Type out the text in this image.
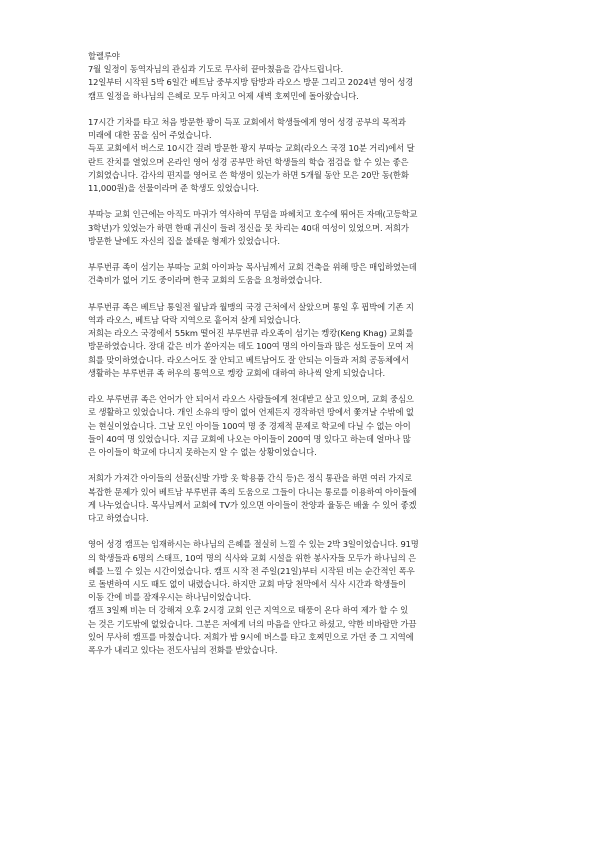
할렐루야
7월 일정이 동역자님의 관심과 기도로 무사히 끝마쳤음을 감사드립니다.
12일부터 시작된 5박 6일간 베트남 중부지방 탐방과 라오스 방문 그리고 2024년 영어 성경
캠프 일정을 하나님의 은혜로 모두 마치고 어제 새벽 호찌민에 돌아왔습니다.
17시간 기차를 타고 처음 방문한 꽝이 득포 교회에서 학생들에게 영어 성경 공부의 목적과
미래에 대한 꿈을 심어 주었습니다.
득포 교회에서 버스로 10시간 걸려 방문한 꽝지 부따능 교회(라오스 국경 10분 거리)에서 달
란트 잔치를 열었으며 온라인 영어 성경 공부만 하던 학생들의 학습 점검을 할 수 있는 좋은
기회였습니다. 감사의 편지를 영어로 쓴 학생이 있는가 하면 5개월 동안 모은 20만 동(한화
11,000원)을 선물이라며 준 학생도 있었습니다.
부따능 교회 인근에는 아직도 마귀가 역사하여 무덤을 파헤치고 호수에 뛰어든 자매(고등학교
3학년)가 있었는가 하면 한때 귀신이 들려 정신을 못 차리는 40대 여성이 있었으며. 저희가
방문한 날에도 자신의 집을 불태운 형제가 있었습니다.
부루번큐 족이 섬기는 부따능 교회 아이파능 목사님께서 교회 건축을 위해 땅은 매입하였는데
건축비가 없어 기도 중이라며 한국 교회의 도움을 요청하였습니다.
부루번큐 족은 베트남 통일전 월남과 월맹의 국경 근처에서 살았으며 통일 후 핍박에 기존 지
역과 라오스, 베트남 닥락 지역으로 흩어져 살게 되었습니다.
저희는 라오스 국경에서 55km 떨어진 부루번큐 라오족이 섬기는 켕캉(Keng Khag) 교회를
방문하였습니다. 장대 같은 비가 쏟아지는 데도 100여 명의 아이들과 많은 성도들이 모여 저
희를 맞이하였습니다. 라오스어도 잘 안되고 베트남어도 잘 안되는 이들과 저희 공동체에서
생활하는 부루번큐 족 허우의 통역으로 켕캉 교회에 대하여 하나씩 알게 되었습니다.
라오 부루번큐 족은 언어가 안 되어서 라오스 사람들에게 천대받고 살고 있으며, 교회 중심으
로 생활하고 있었습니다. 개인 소유의 땅이 없어 언제든지 경작하던 땅에서 쫓겨날 수밖에 없
는 현실이었습니다. 그날 모인 아이들 100여 명 중 경제적 문제로 학교에 다닐 수 없는 아이
들이 40여 명 있었습니다. 지금 교회에 나오는 아이들이 200여 명 있다고 하는데 얼마나 많
은 아이들이 학교에 다니지 못하는지 알 수 없는 상황이었습니다.
저희가 가져간 아이들의 선물(신발 가방 옷 학용품 간식 등)은 정식 통관을 하면 여러 가지로
복잡한 문제가 있어 베트남 부루번큐 족의 도움으로 그들이 다니는 통로를 이용하여 아이들에
게 나누었습니다. 목사님께서 교회에 TV가 있으면 아이들이 찬양과 율동은 배울 수 있어 좋겠
다고 하였습니다.
영어 성경 캠프는 임재하시는 하나님의 은혜를 절실히 느낄 수 있는 2박 3일이었습니다. 91명
의 학생들과 6명의 스태프, 10여 명의 식사와 교회 시설을 위한 봉사자들 모두가 하나님의 은
혜를 느낄 수 있는 시간이었습니다. 캠프 시작 전 주일(21일)부터 시작된 비는 순간적인 폭우
로 돌변하여 시도 때도 없이 내렸습니다. 하지만 교회 마당 천막에서 식사 시간과 학생들이
이동 간에 비를 잠재우시는 하나님이었습니다.
캠프 3일째 비는 더 강해져 오후 2시경 교회 인근 지역으로 태풍이 온다 하여 제가 할 수 있
는 것은 기도밖에 없었습니다. 그분은 저에게 너의 마음을 안다고 하셨고, 약한 비바람만 가끔
있어 무사히 캠프를 마쳤습니다. 저희가 밤 9시에 버스를 타고 호찌민으로 가던 중 그 지역에
폭우가 내리고 있다는 전도사님의 전화를 받았습니다.
